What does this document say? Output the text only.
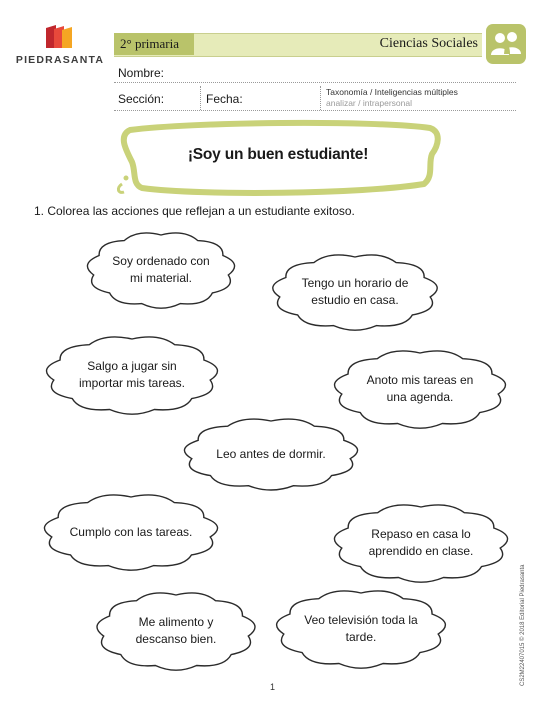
PIEDRASANTA
2° primaria	Ciencias Sociales
Nombre:
Sección:	Fecha:	Taxonomía / Inteligencias múltiples
analizar / intrapersonal
¡Soy un buen estudiante!
1. Colorea las acciones que reflejan a un estudiante exitoso.
Soy ordenado con mi material.	Tengo un horario de estudio en casa.
Salgo a jugar sin importar mis tareas.	Anoto mis tareas en una agenda.
Leo antes de dormir.
Cumplo con las tareas.	Repaso en casa lo aprendido en clase.
Me alimento y descanso bien.
Veo televisión toda la tarde.
1
CS2M22407015 © 2018 Editorial Piedrasanta
